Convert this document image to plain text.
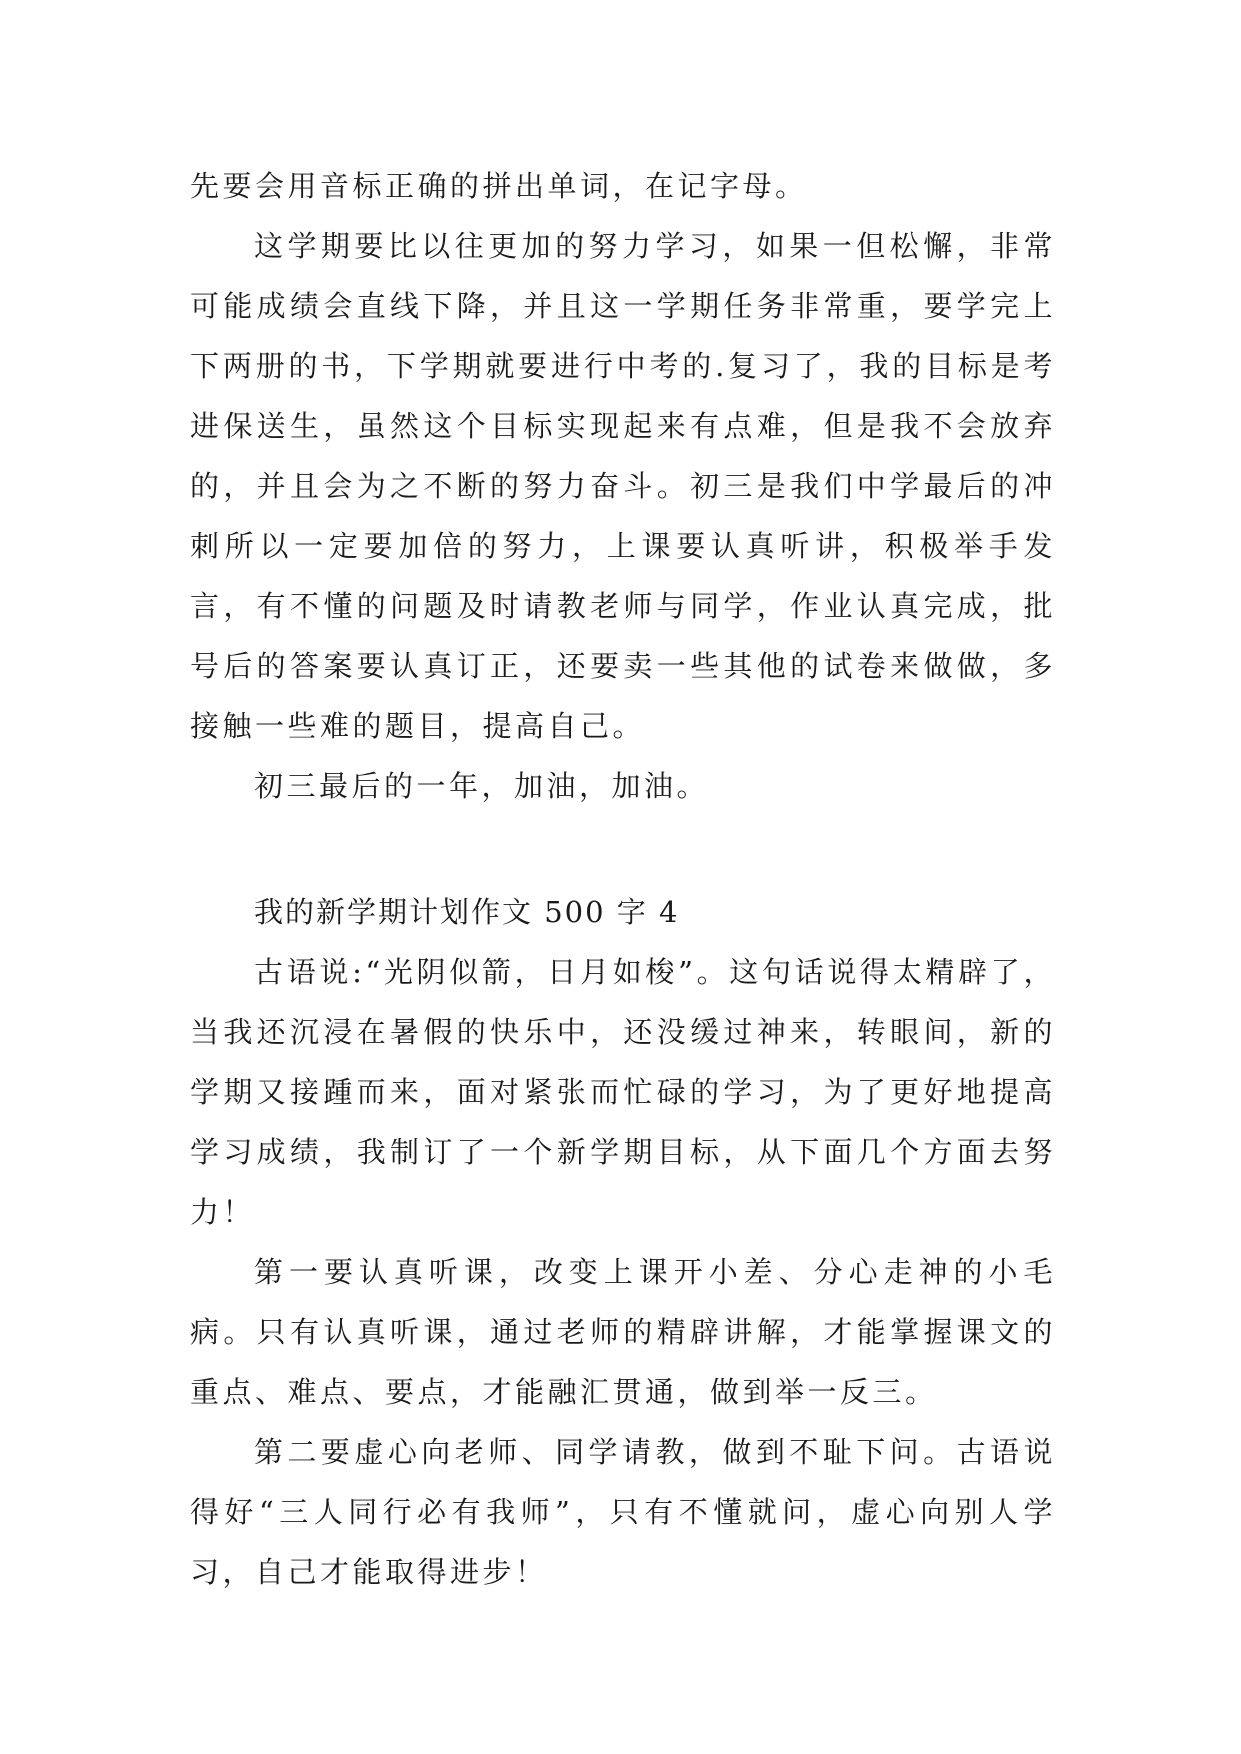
先要会用音标正确的拼出单词，在记字母。

这学期要比以往更加的努力学习，如果一但松懈，非常可能成绩会直线下降，并且这一学期任务非常重，要学完上下两册的书，下学期就要进行中考的.复习了，我的目标是考进保送生，虽然这个目标实现起来有点难，但是我不会放弃的，并且会为之不断的努力奋斗。初三是我们中学最后的冲刺所以一定要加倍的努力，上课要认真听讲，积极举手发言，有不懂的问题及时请教老师与同学，作业认真完成，批号后的答案要认真订正，还要卖一些其他的试卷来做做，多接触一些难的题目，提高自己。

初三最后的一年，加油，加油。

我的新学期计划作文 500 字 4

古语说:“光阴似箭，日月如梭”。这句话说得太精辟了，当我还沉浸在暑假的快乐中，还没缓过神来，转眼间，新的学期又接踵而来，面对紧张而忙碌的学习，为了更好地提高学习成绩，我制订了一个新学期目标，从下面几个方面去努力！

第一要认真听课，改变上课开小差、分心走神的小毛病。只有认真听课，通过老师的精辟讲解，才能掌握课文的重点、难点、要点，才能融汇贯通，做到举一反三。

第二要虚心向老师、同学请教，做到不耻下问。古语说得好“三人同行必有我师”，只有不懂就问，虚心向别人学习，自己才能取得进步！
